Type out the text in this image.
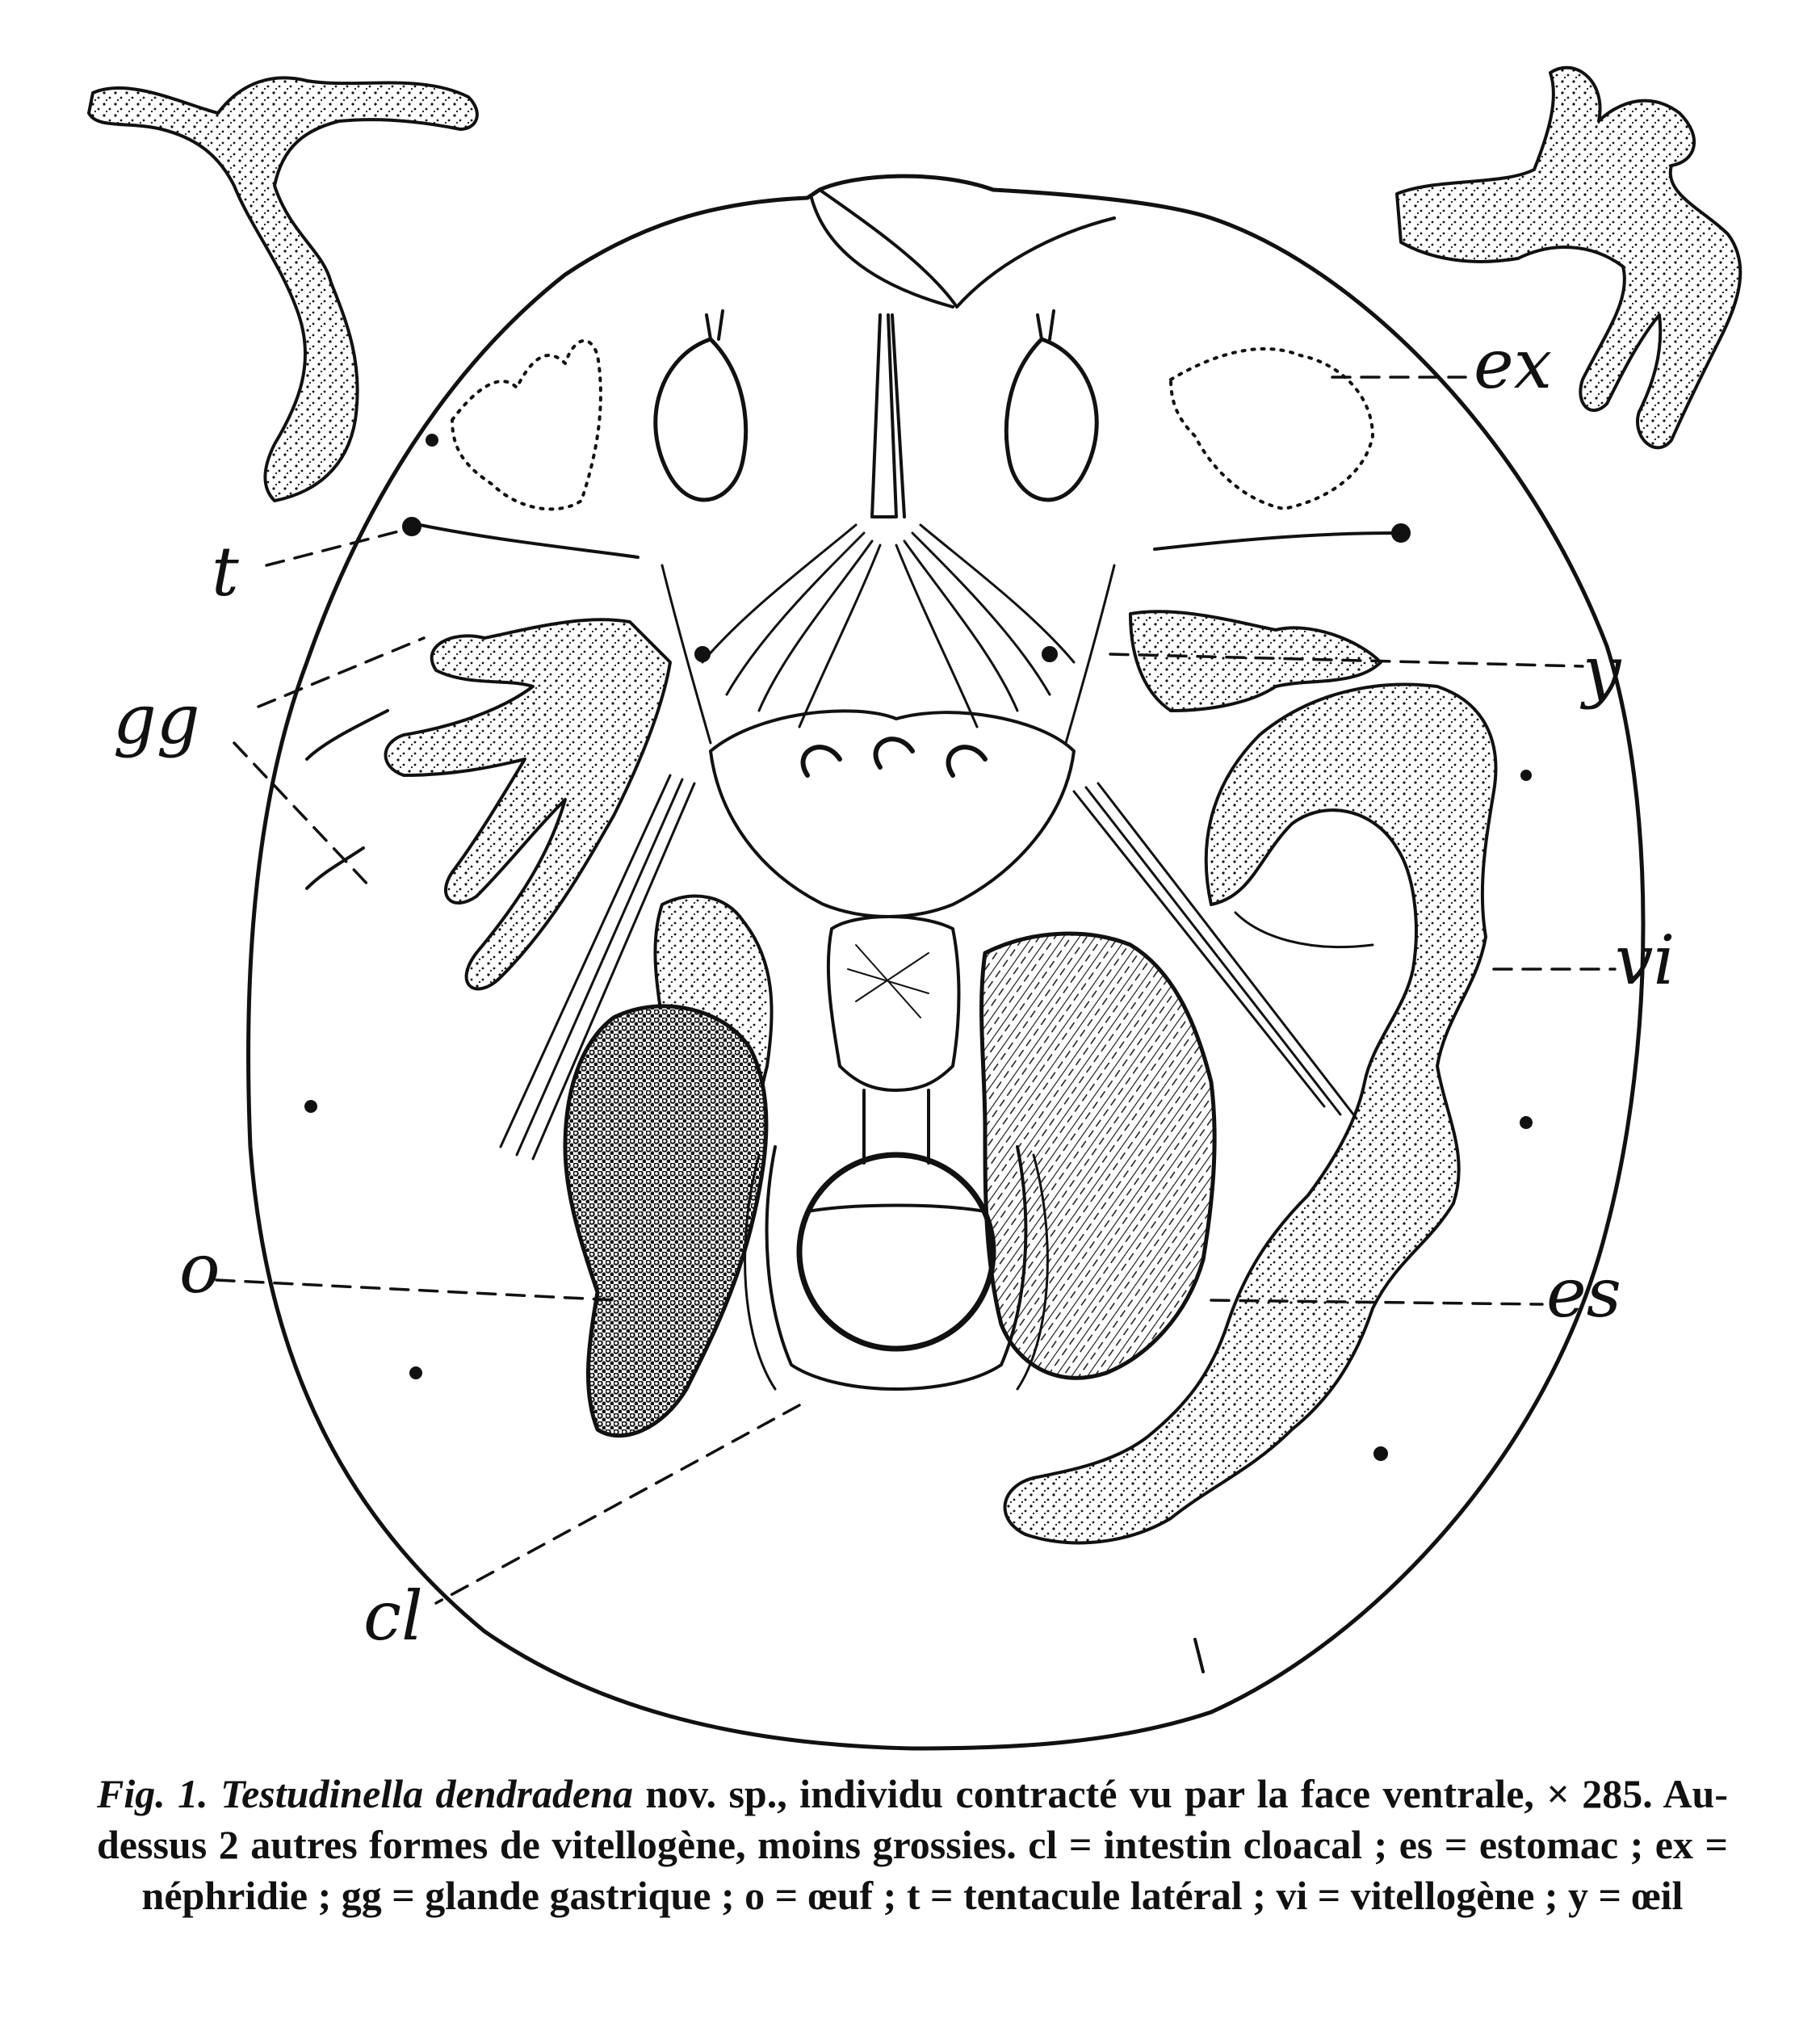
ex
t
y
gg
vi
o	es
cl
Fig. 1. Testudinella dendradena nov. sp., individu contracté vu par la face ventrale, × 285. Au-dessus 2 autres formes de vitellogène, moins grossies. cl = intestin cloacal ; es = estomac ; ex = néphridie ; gg = glande gastrique ; o = œuf ; t = tentacule latéral ; vi = vitellogène ; y = œil
